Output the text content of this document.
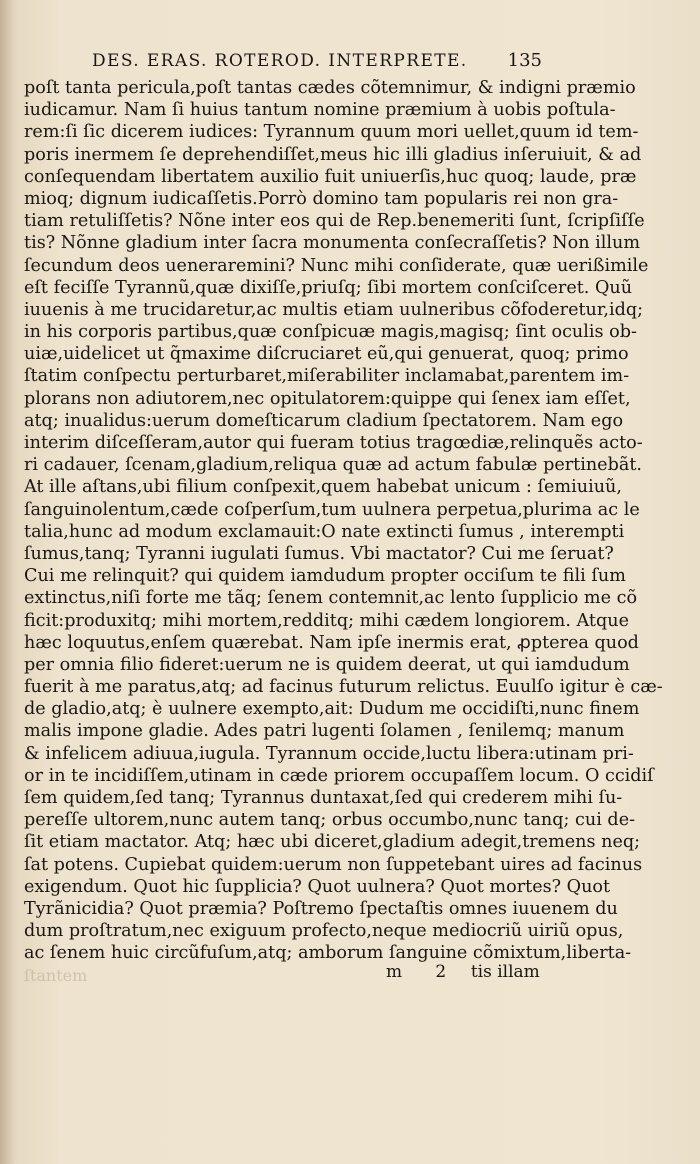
DES. ERAS. ROTEROD. INTERPRETE. 135
poſt tanta pericula,poſt tantas cædes cõtemnimur, & indigni præmio
iudicamur. Nam ſi huius tantum nomine præmium à uobis poſtula-
rem:ſi ſic dicerem iudices: Tyrannum quum mori uellet,quum id tem-
poris inermem ſe deprehendiſſet,meus hic illi gladius inſeruiuit, & ad
conſequendam libertatem auxilio fuit uniuerſis,huc quoq; laude, præ
mioq; dignum iudicaſſetis.Porrò domino tam popularis rei non gra-
tiam retuliſſetis? Nõne inter eos qui de Rep.benemeriti ſunt, ſcripſiſſe
tis? Nõnne gladium inter ſacra monumenta conſecraſſetis? Non illum
ſecundum deos ueneraremini? Nunc mihi conſiderate, quæ uerißimile
eſt feciſſe Tyrannũ,quæ dixiſſe,priuſq; ſibi mortem conſciſceret. Quũ
iuuenis à me trucidaretur,ac multis etiam uulneribus cõfoderetur,idq;
in his corporis partibus,quæ conſpicuæ magis,magisq; ſint oculis ob-
uiæ,uidelicet ut q̃maxime diſcruciaret eũ,qui genuerat, quoq; primo
ſtatim conſpectu perturbaret,miſerabiliter inclamabat,parentem im-
plorans non adiutorem,nec opitulatorem:quippe qui ſenex iam eſſet,
atq; inualidus:uerum domeſticarum cladium ſpectatorem. Nam ego
interim diſceſſeram,autor qui fueram totius tragœdiæ,relinquẽs acto-
ri cadauer, ſcenam,gladium,reliqua quæ ad actum fabulæ pertinebãt.
At ille aſtans,ubi filium conſpexit,quem habebat unicum : ſemiuiuũ,
ſanguinolentum,cæde coſperſum,tum uulnera perpetua,plurima ac le
talia,hunc ad modum exclamauit:O nate extincti ſumus , interempti
ſumus,tanq; Tyranni iugulati ſumus. Vbi mactator? Cui me ſeruat?
Cui me relinquit? qui quidem iamdudum propter occiſum te fili ſum
extinctus,niſi forte me tãq; ſenem contemnit,ac lento ſupplicio me cõ
ficit:produxitq; mihi mortem,redditq; mihi cædem longiorem. Atque
hæc loquutus,enſem quærebat. Nam ipſe inermis erat, ꝓpterea quod
per omnia filio fideret:uerum ne is quidem deerat, ut qui iamdudum
fuerit à me paratus,atq; ad facinus futurum relictus. Euulſo igitur è cæ-
de gladio,atq; è uulnere exempto,ait: Dudum me occidiſti,nunc finem
malis impone gladie. Ades patri lugenti ſolamen , ſenilemq; manum
& infelicem adiuua,iugula. Tyrannum occide,luctu libera:utinam pri-
or in te incidiſſem,utinam in cæde priorem occupaſſem locum. O ccidiſ
ſem quidem,ſed tanq; Tyrannus duntaxat,ſed qui crederem mihi ſu-
pereſſe ultorem,nunc autem tanq; orbus occumbo,nunc tanq; cui de-
ſit etiam mactator. Atq; hæc ubi diceret,gladium adegit,tremens neq;
ſat potens. Cupiebat quidem:uerum non ſuppetebant uires ad facinus
exigendum. Quot hic ſupplicia? Quot uulnera? Quot mortes? Quot
Tyrãnicidia? Quot præmia? Poſtremo ſpectaſtis omnes iuuenem du
dum proſtratum,nec exiguum profecto,neque mediocriũ uiriũ opus,
ac ſenem huic circũfuſum,atq; amborum ſanguine cõmixtum,liberta-
m 2 tis illam
ſtantem
